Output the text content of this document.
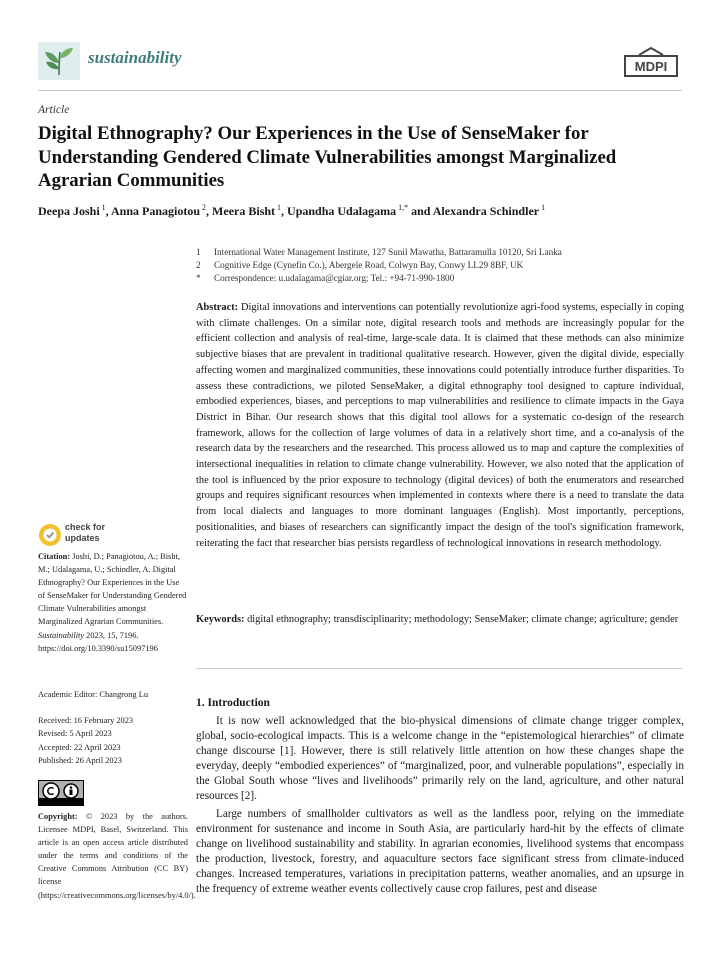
sustainability	MDPI
Article
Digital Ethnography? Our Experiences in the Use of SenseMaker for Understanding Gendered Climate Vulnerabilities amongst Marginalized Agrarian Communities
Deepa Joshi $^1$, Anna Panagiotou $^2$, Meera Bisht $^1$, Upandha Udalagama $^{1,*}$ and Alexandra Schindler $^1$
1	International Water Management Institute, 127 Sunil Mawatha, Battaramulla 10120, Sri Lanka
2	Cognitive Edge (Cynefin Co.), Abergele Road, Colwyn Bay, Conwy LL29 8BF, UK
*	Correspondence: u.udalagama@cgiar.org; Tel.: +94-71-990-1800
Abstract: Digital innovations and interventions can potentially revolutionize agri-food systems, especially in coping with climate challenges. On a similar note, digital research tools and methods are increasingly popular for the efficient collection and analysis of real-time, large-scale data. It is claimed that these methods can also minimize subjective biases that are prevalent in traditional qualitative research. However, given the digital divide, especially affecting women and marginalized communities, these innovations could potentially introduce further disparities. To assess these contradictions, we piloted SenseMaker, a digital ethnography tool designed to capture individual, embodied experiences, biases, and perceptions to map vulnerabilities and resilience to climate impacts in the Gaya District in Bihar. Our research shows that this digital tool allows for a systematic co-design of the research framework, allows for the collection of large volumes of data in a relatively short time, and a co-analysis of the research data by the researchers and the researched. This process allowed us to map and capture the complexities of intersectional inequalities in relation to climate change vulnerability. However, we also noted that the application of the tool is influenced by the prior exposure to technology (digital devices) of both the enumerators and researched groups and requires significant resources when implemented in contexts where there is a need to translate the data from local dialects and languages to more dominant languages (English). Most importantly, perceptions, positionalities, and biases of researchers can significantly impact the design of the tool's signification framework, reiterating the fact that researcher bias persists regardless of technological innovations in research methodology.
Keywords: digital ethnography; transdisciplinarity; methodology; SenseMaker; climate change; agriculture; gender
check for
updates
Citation: Joshi, D.; Panagiotou, A.; Bisht, M.; Udalagama, U.; Schindler, A. Digital Ethnography? Our Experiences in the Use of SenseMaker for Understanding Gendered Climate Vulnerabilities amongst Marginalized Agrarian Communities. Sustainability 2023, 15, 7196. https://doi.org/10.3390/su15097196
Academic Editor: Changrong Lu
Received: 16 February 2023
Revised: 5 April 2023
Accepted: 22 April 2023
Published: 26 April 2023
Copyright: © 2023 by the authors. Licensee MDPI, Basel, Switzerland. This article is an open access article distributed under the terms and conditions of the Creative Commons Attribution (CC BY) license (https://creativecommons.org/licenses/by/4.0/).
1. Introduction

It is now well acknowledged that the bio-physical dimensions of climate change trigger complex, global, socio-ecological impacts. This is a welcome change in the “epistemological hierarchies” of climate change discourse [1]. However, there is still relatively little attention on how these changes shape the everyday, deeply “embodied experiences” of “marginalized, poor, and vulnerable populations”, especially in the Global South whose “lives and livelihoods” primarily rely on the land, agriculture, and other natural resources [2].

Large numbers of smallholder cultivators as well as the landless poor, relying on the immediate environment for sustenance and income in South Asia, are particularly hard-hit by the effects of climate change on livelihood sustainability and stability. In agrarian economies, livelihood systems that encompass the production, livestock, forestry, and aquaculture sectors face significant stress from climate-induced changes. Increased temperatures, variations in precipitation patterns, weather anomalies, and an upsurge in the frequency of extreme weather events collectively cause crop failures, pest and disease
